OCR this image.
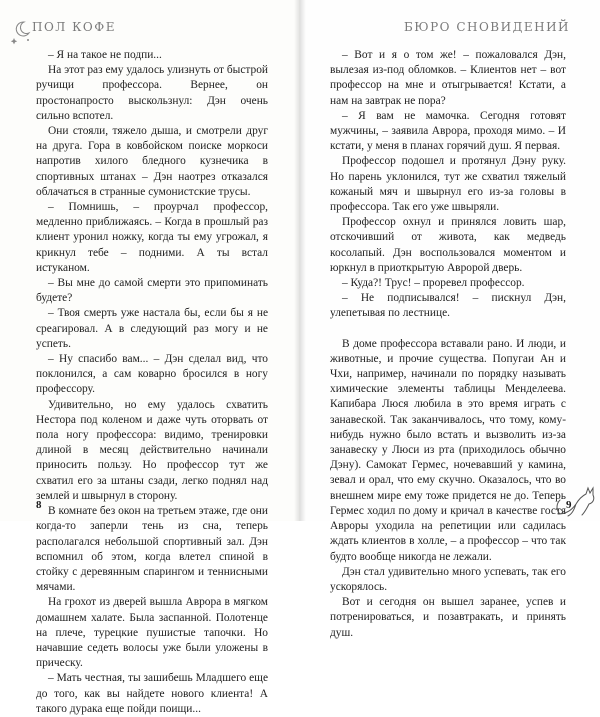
ПОЛ КОФЕ

– Я на такое не подпи...

На этот раз ему удалось улизнуть от быстрой ручищи профессора. Вернее, он простонапросто выскользнул: Дэн очень сильно вспотел.

Они стояли, тяжело дыша, и смотрели друг на друга. Гора в ковбойском поиске моркоси напротив хилого бледного кузнечика в спортивных штанах – Дэн наотрез отказался облачаться в странные сумонистские трусы.

– Помнишь, – проурчал профессор, медленно приближаясь. – Когда в прошлый раз клиент уронил ножку, когда ты ему угрожал, я крикнул тебе – подними. А ты встал истуканом.

– Вы мне до самой смерти это припоминать будете?

– Твоя смерть уже настала бы, если бы я не среагировал. А в следующий раз могу и не успеть.

– Ну спасибо вам... – Дэн сделал вид, что поклонился, а сам коварно бросился в ногу профессору.

Удивительно, но ему удалось схватить Нестора под коленом и даже чуть оторвать от пола ногу профессора: видимо, тренировки длиной в месяц действительно начинали приносить пользу. Но профессор тут же схватил его за штаны сзади, легко поднял над землей и швырнул в сторону.

В комнате без окон на третьем этаже, где они когда-то заперли тень из сна, теперь располагался небольшой спортивный зал. Дэн вспомнил об этом, когда влетел спиной в стойку с деревянным спарингом и теннисными мячами.

На грохот из дверей вышла Аврора в мягком домашнем халате. Была заспанной. Полотенце на плече, турецкие пушистые тапочки. Но начавшие седеть волосы уже были уложены в прическу.

– Мать честная, ты зашибешь Младшего еще до того, как вы найдете нового клиента! А такого дурака еще пойди поищи...

8
БЮРО СНОВИДЕНИЙ

– Вот и я о том же! – пожаловался Дэн, вылезая из-под обломков. – Клиентов нет – вот профессор на мне и отыгрывается! Кстати, а нам на завтрак не пора?

– Я вам не мамочка. Сегодня готовят мужчины, – заявила Аврора, проходя мимо. – И кстати, у меня в планах горячий душ. Я первая.

Профессор подошел и протянул Дэну руку. Но парень уклонился, тут же схватил тяжелый кожаный мяч и швырнул его из-за головы в профессора. Так его уже швыряли.

Профессор охнул и принялся ловить шар, отскочивший от живота, как медведь косолапый. Дэн воспользовался моментом и юркнул в приоткрытую Авророй дверь.

– Куда?! Трус! – проревел профессор.

– Не подписывался! – пискнул Дэн, улепетывая по лестнице.

В доме профессора вставали рано. И люди, и животные, и прочие существа. Попугаи Ан и Чхи, например, начинали по порядку называть химические элементы таблицы Менделеева. Капибара Люся любила в это время играть с занавеской. Так заканчивалось, что тому, кому-нибудь нужно было встать и вызволить из-за занавеску у Люси из рта (приходилось обычно Дэну). Самокат Гермес, ночевавший у камина, зевал и орал, что ему скучно. Оказалось, что во внешнем мире ему тоже придется не до. Теперь Гермес ходил по дому и кричал в качестве гостя Авроры уходила на репетиции или садилась ждать клиентов в холле, – а профессор – что так будто вообще никогда не лежали.

Дэн стал удивительно много успевать, так его ускорялось.

Вот и сегодня он вышел заранее, успев и потренироваться, и позавтракать, и принять душ.

9
